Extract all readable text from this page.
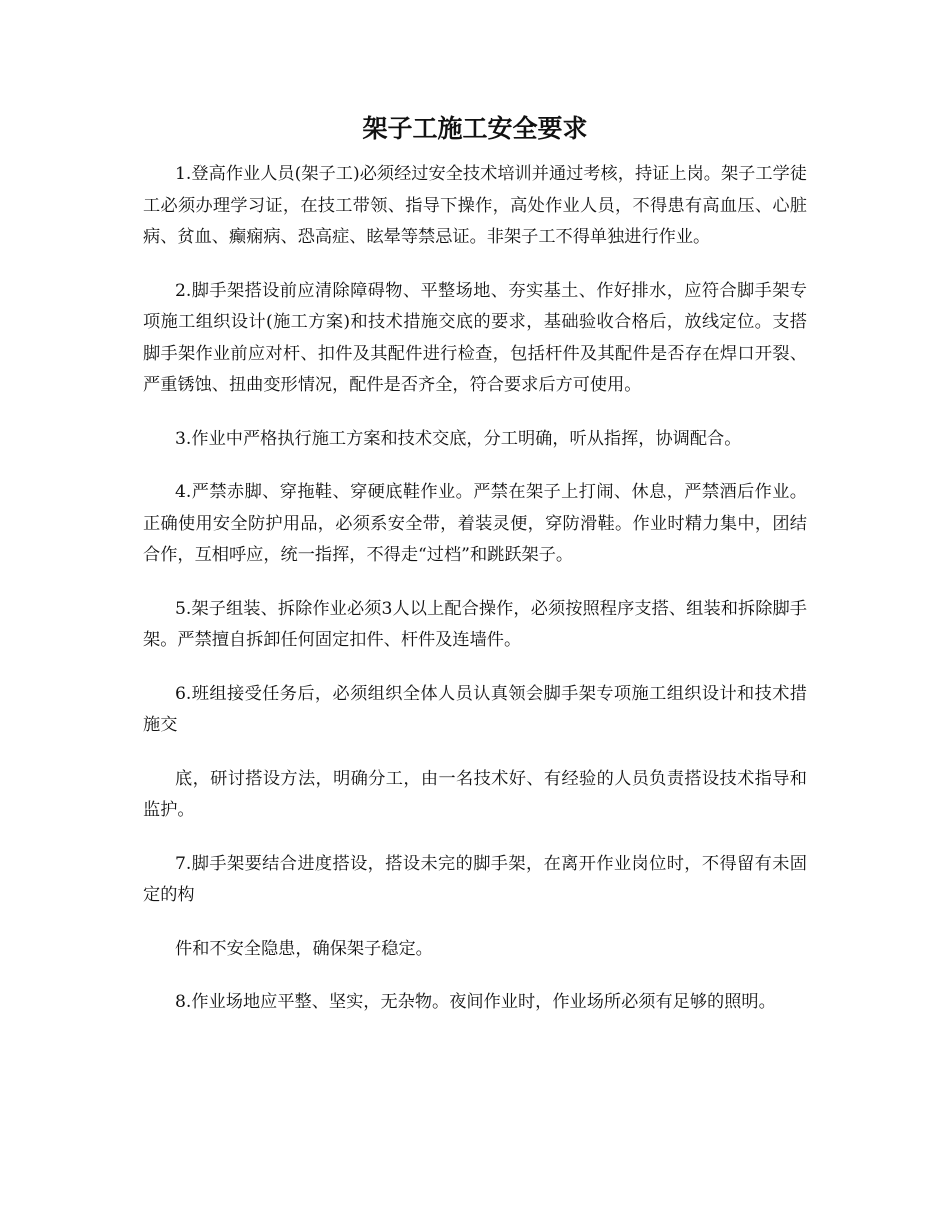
架子工施工安全要求

1.登高作业人员(架子工)必须经过安全技术培训并通过考核，持证上岗。架子工学徒工必须办理学习证，在技工带领、指导下操作，高处作业人员，不得患有高血压、心脏病、贫血、癫痫病、恐高症、眩晕等禁忌证。非架子工不得单独进行作业。

2.脚手架搭设前应清除障碍物、平整场地、夯实基土、作好排水，应符合脚手架专项施工组织设计(施工方案)和技术措施交底的要求，基础验收合格后，放线定位。支搭脚手架作业前应对杆、扣件及其配件进行检查，包括杆件及其配件是否存在焊口开裂、严重锈蚀、扭曲变形情况，配件是否齐全，符合要求后方可使用。

3.作业中严格执行施工方案和技术交底，分工明确，听从指挥，协调配合。

4.严禁赤脚、穿拖鞋、穿硬底鞋作业。严禁在架子上打闹、休息，严禁酒后作业。正确使用安全防护用品，必须系安全带，着装灵便，穿防滑鞋。作业时精力集中，团结合作，互相呼应，统一指挥，不得走“过档”和跳跃架子。

5.架子组装、拆除作业必须3人以上配合操作，必须按照程序支搭、组装和拆除脚手架。严禁擅自拆卸任何固定扣件、杆件及连墙件。

6.班组接受任务后，必须组织全体人员认真领会脚手架专项施工组织设计和技术措施交

底，研讨搭设方法，明确分工，由一名技术好、有经验的人员负责搭设技术指导和监护。

7.脚手架要结合进度搭设，搭设未完的脚手架，在离开作业岗位时，不得留有未固定的构

件和不安全隐患，确保架子稳定。

8.作业场地应平整、坚实，无杂物。夜间作业时，作业场所必须有足够的照明。
